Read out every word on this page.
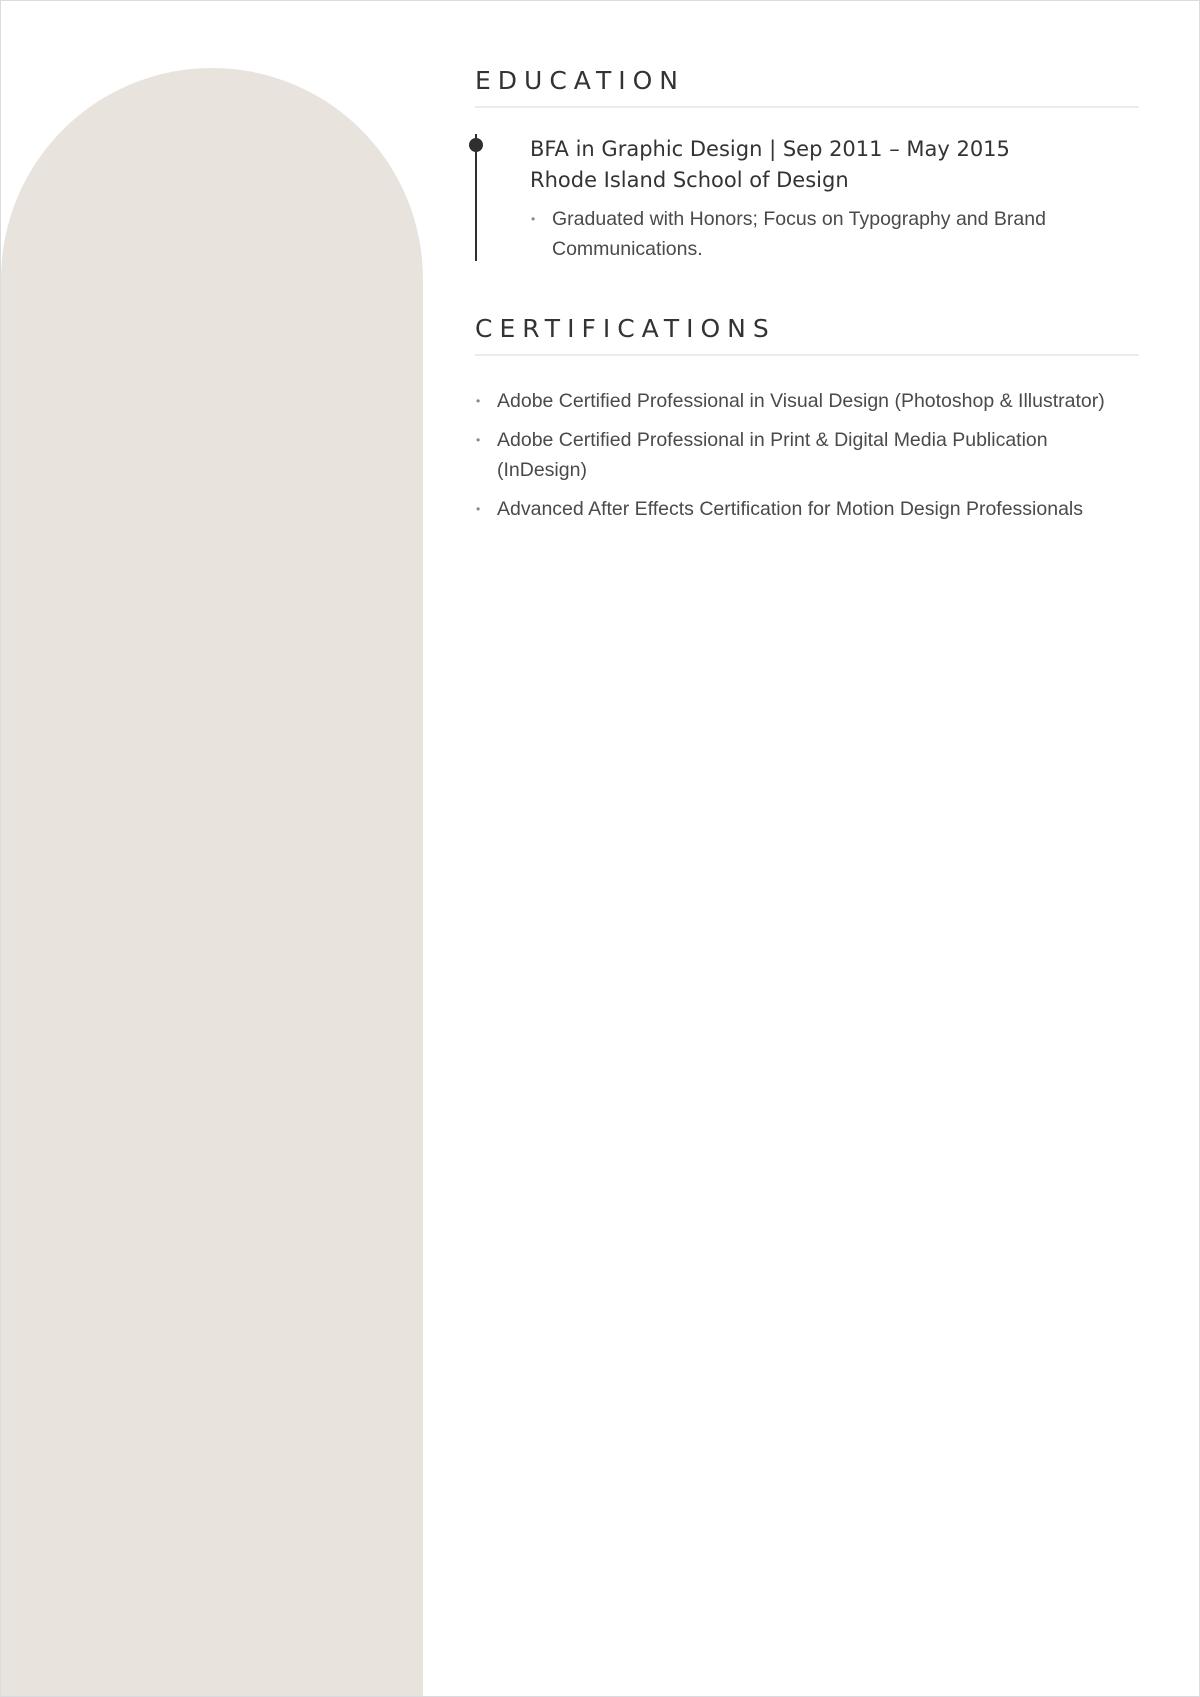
EDUCATION
BFA in Graphic Design | Sep 2011 – May 2015
Rhode Island School of Design
• Graduated with Honors; Focus on Typography and Brand Communications.
CERTIFICATIONS
• Adobe Certified Professional in Visual Design (Photoshop & Illustrator)
• Adobe Certified Professional in Print & Digital Media Publication (InDesign)
• Advanced After Effects Certification for Motion Design Professionals
